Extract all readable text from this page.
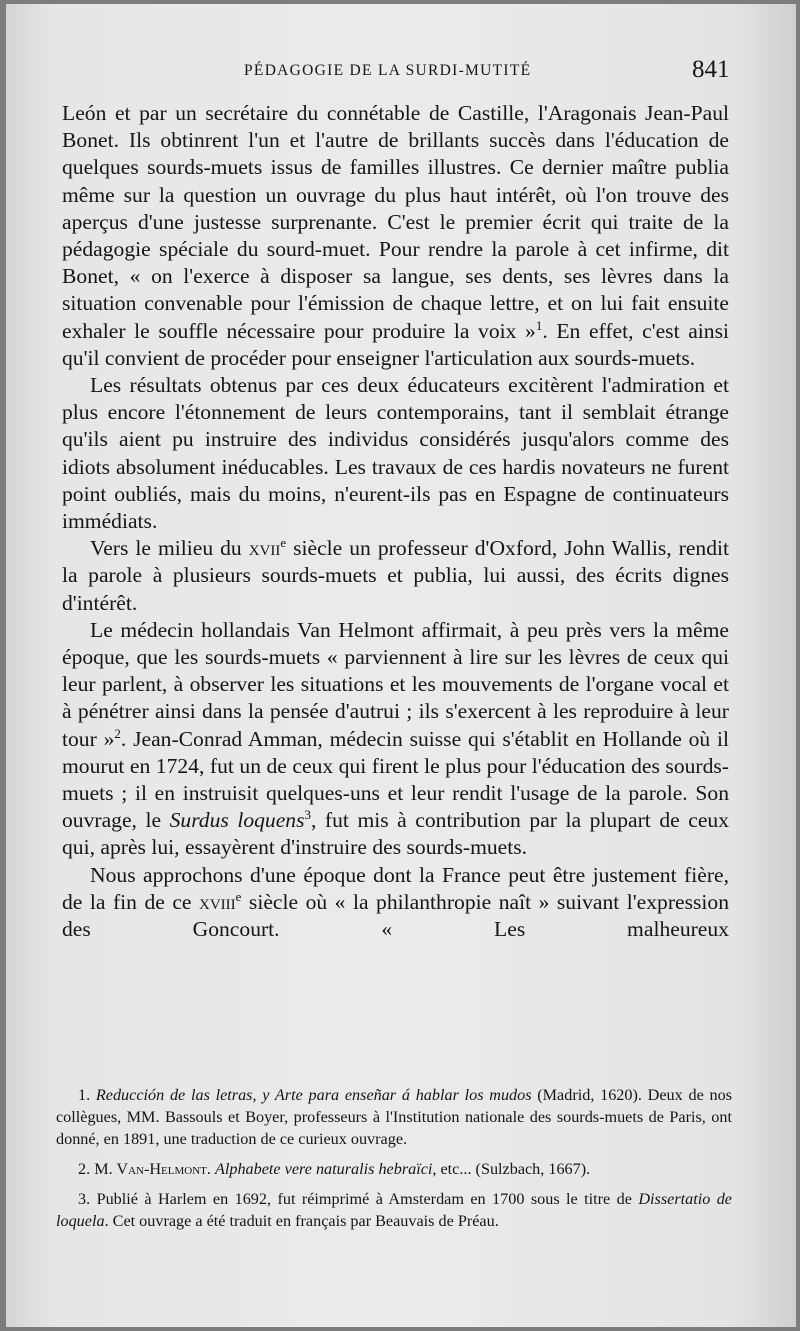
PÉDAGOGIE DE LA SURDI-MUTITÉ	841

León et par un secrétaire du connétable de Castille, l'Aragonais Jean-Paul Bonet. Ils obtinrent l'un et l'autre de brillants succès dans l'éducation de quelques sourds-muets issus de familles illustres. Ce dernier maître publia même sur la question un ouvrage du plus haut intérêt, où l'on trouve des aperçus d'une justesse surprenante. C'est le premier écrit qui traite de la pédagogie spéciale du sourd-muet. Pour rendre la parole à cet infirme, dit Bonet, « on l'exerce à disposer sa langue, ses dents, ses lèvres dans la situation convenable pour l'émission de chaque lettre, et on lui fait ensuite exhaler le souffle nécessaire pour produire la voix »$^1$. En effet, c'est ainsi qu'il convient de procéder pour enseigner l'articulation aux sourds-muets.

Les résultats obtenus par ces deux éducateurs excitèrent l'admiration et plus encore l'étonnement de leurs contemporains, tant il semblait étrange qu'ils aient pu instruire des individus considérés jusqu'alors comme des idiots absolument inéducables. Les travaux de ces hardis novateurs ne furent point oubliés, mais du moins, n'eurent-ils pas en Espagne de continuateurs immédiats.

Vers le milieu du xvii$^e$ siècle un professeur d'Oxford, John Wallis, rendit la parole à plusieurs sourds-muets et publia, lui aussi, des écrits dignes d'intérêt.

Le médecin hollandais Van Helmont affirmait, à peu près vers la même époque, que les sourds-muets « parviennent à lire sur les lèvres de ceux qui leur parlent, à observer les situations et les mouvements de l'organe vocal et à pénétrer ainsi dans la pensée d'autrui ; ils s'exercent à les reproduire à leur tour »$^2$. Jean-Conrad Amman, médecin suisse qui s'établit en Hollande où il mourut en 1724, fut un de ceux qui firent le plus pour l'éducation des sourds-muets ; il en instruisit quelques-uns et leur rendit l'usage de la parole. Son ouvrage, le Surdus loquens$^3$, fut mis à contribution par la plupart de ceux qui, après lui, essayèrent d'instruire des sourds-muets.

Nous approchons d'une époque dont la France peut être justement fière, de la fin de ce xviii$^e$ siècle où « la philanthropie naît » suivant l'expression des Goncourt. « Les malheureux

1. Reducción de las letras, y Arte para enseñar á hablar los mudos (Madrid, 1620). Deux de nos collègues, MM. Bassouls et Boyer, professeurs à l'Institution nationale des sourds-muets de Paris, ont donné, en 1891, une traduction de ce curieux ouvrage.

2. M. Van-Helmont. Alphabete vere naturalis hebraïci, etc... (Sulzbach, 1667).

3. Publié à Harlem en 1692, fut réimprimé à Amsterdam en 1700 sous le titre de Dissertatio de loquela. Cet ouvrage a été traduit en français par Beauvais de Préau.
